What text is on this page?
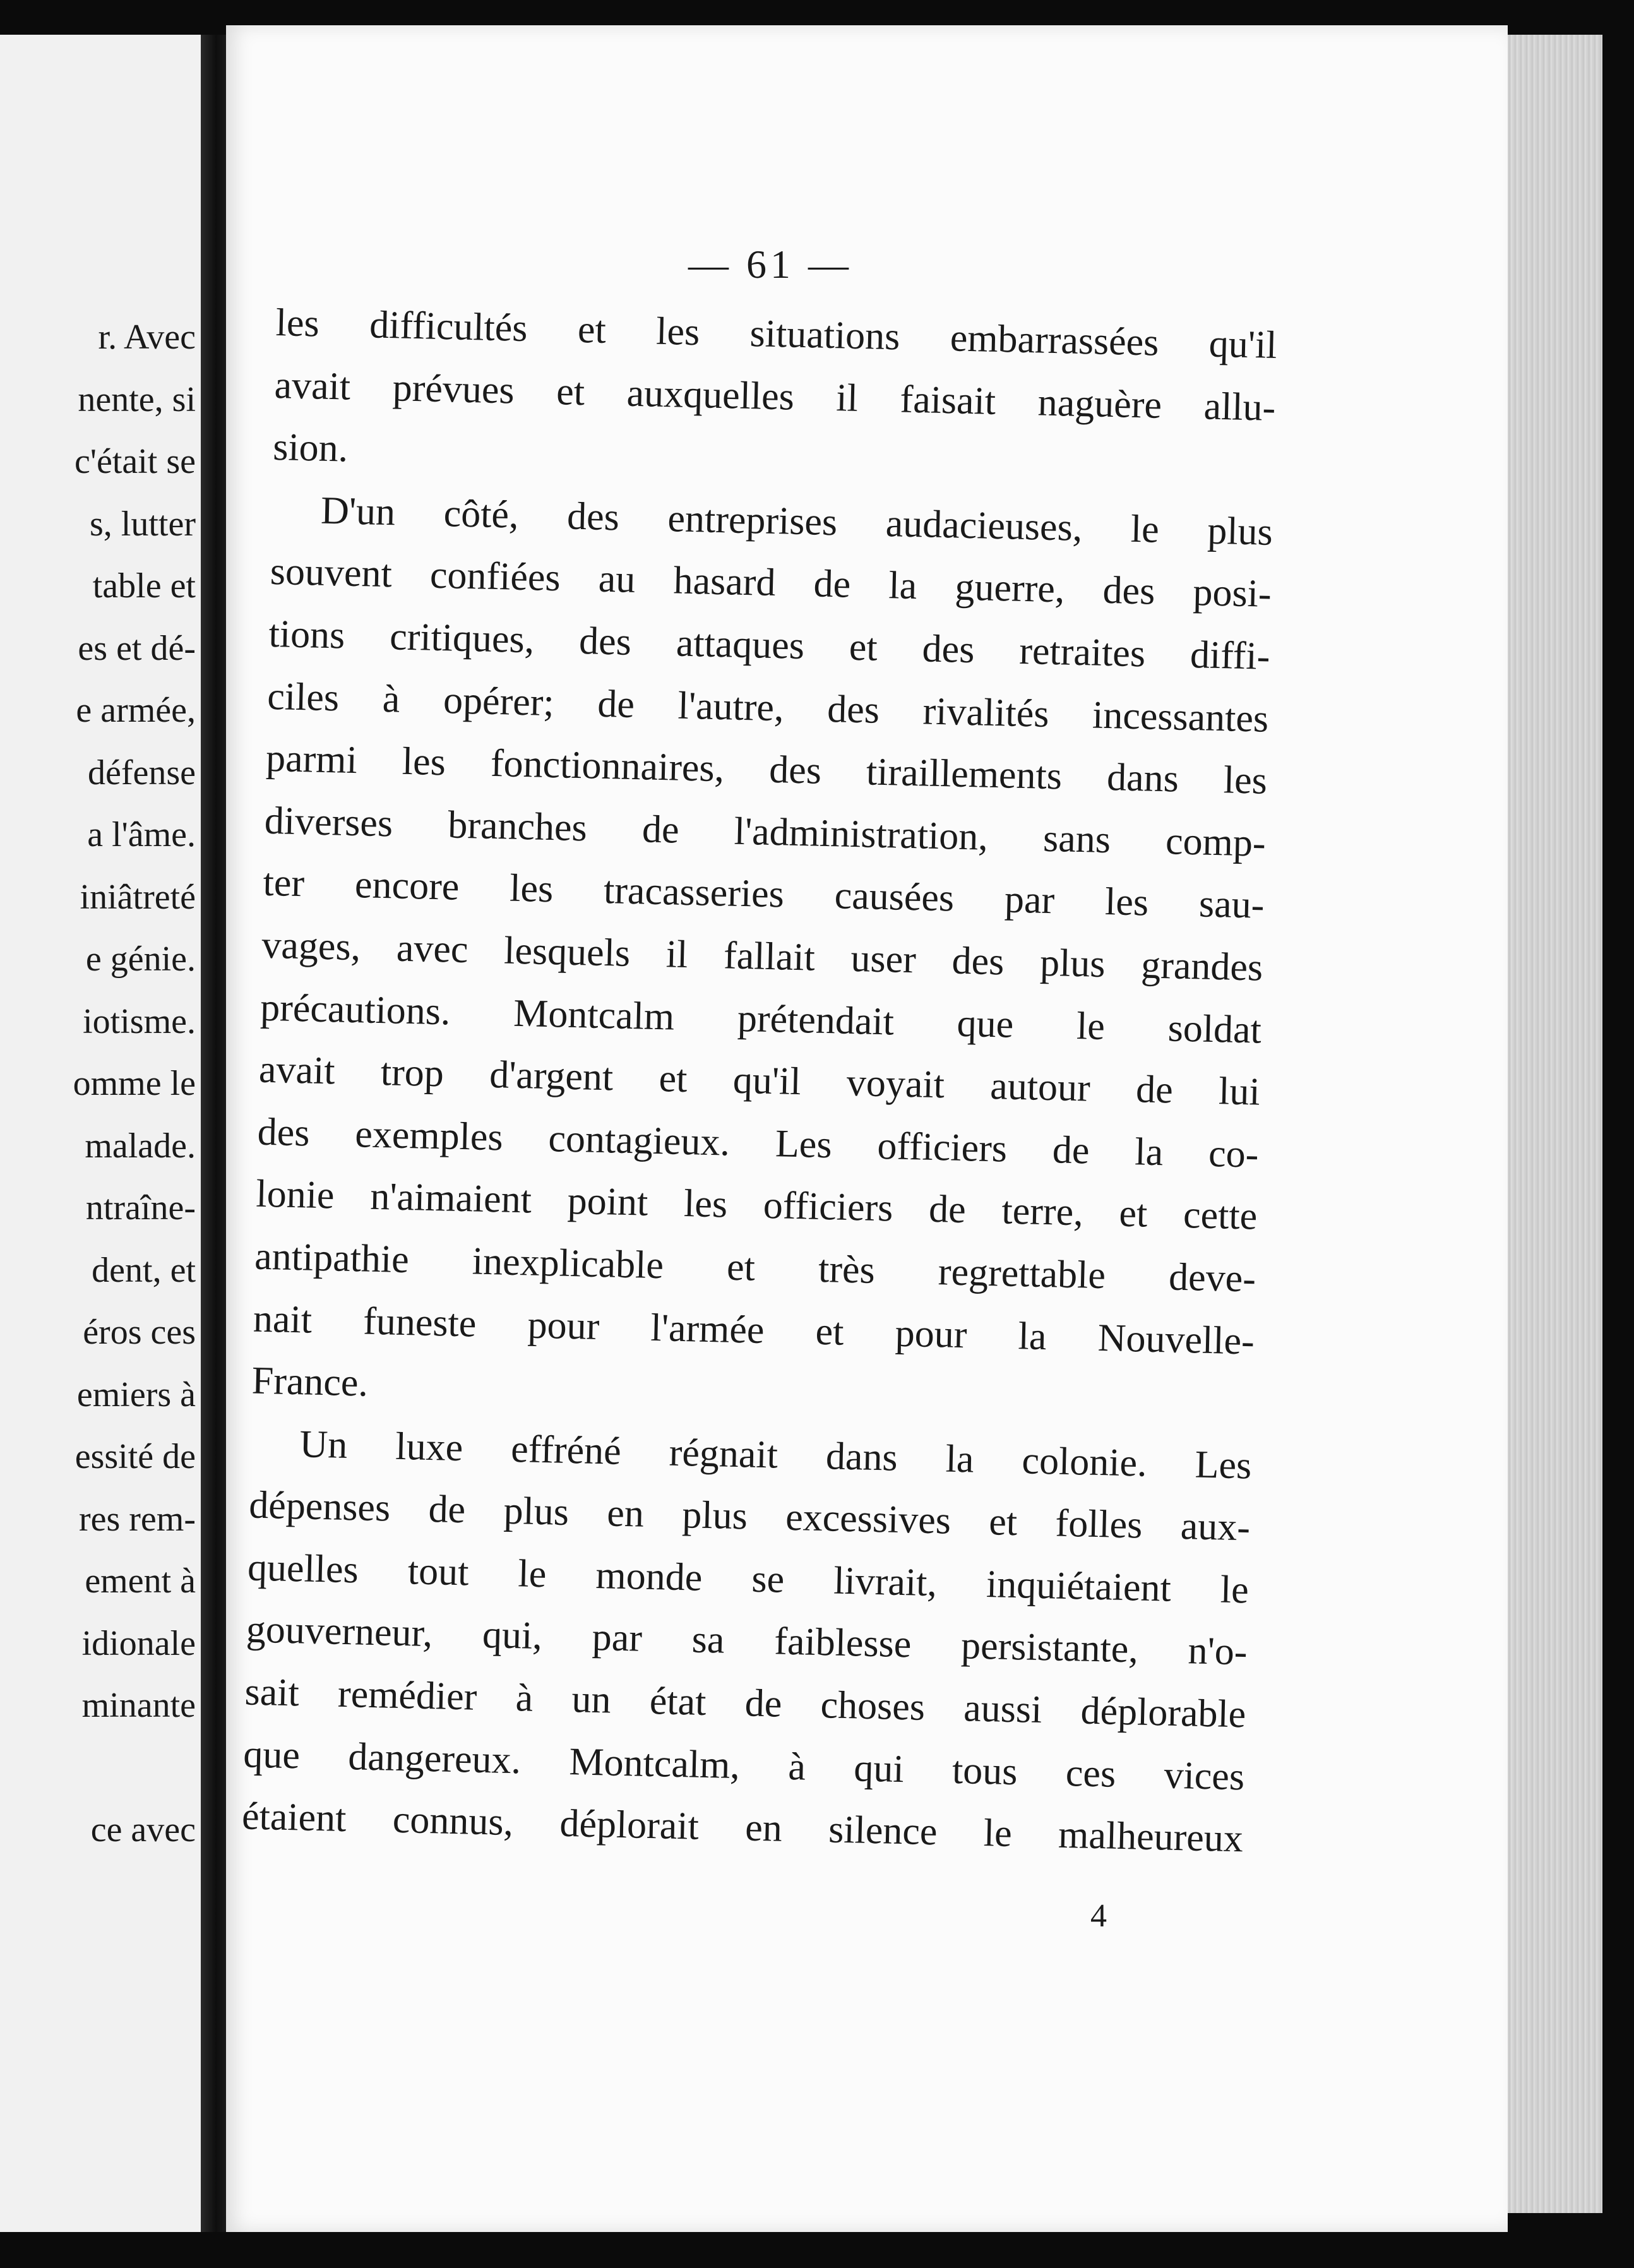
r. Avec
nente, si
c'était se
s, lutter
table et
es et dé-
e armée,
défense
a l'âme.
iniâtreté
e génie.
iotisme.
omme le
malade.
ntraîne-
dent, et
éros ces
emiers à
essité de
res rem-
ement à
idionale
minante
ce avec
— 61 —
les difficultés et les situations embarrassées qu'il
avait prévues et auxquelles il faisait naguère allu-
sion.
D'un côté, des entreprises audacieuses, le plus
souvent confiées au hasard de la guerre, des posi-
tions critiques, des attaques et des retraites diffi-
ciles à opérer; de l'autre, des rivalités incessantes
parmi les fonctionnaires, des tiraillements dans les
diverses branches de l'administration, sans comp-
ter encore les tracasseries causées par les sau-
vages, avec lesquels il fallait user des plus grandes
précautions. Montcalm prétendait que le soldat
avait trop d'argent et qu'il voyait autour de lui
des exemples contagieux. Les officiers de la co-
lonie n'aimaient point les officiers de terre, et cette
antipathie inexplicable et très regrettable deve-
nait funeste pour l'armée et pour la Nouvelle-
France.
Un luxe effréné régnait dans la colonie. Les
dépenses de plus en plus excessives et folles aux-
quelles tout le monde se livrait, inquiétaient le
gouverneur, qui, par sa faiblesse persistante, n'o-
sait remédier à un état de choses aussi déplorable
que dangereux. Montcalm, à qui tous ces vices
étaient connus, déplorait en silence le malheureux
4
